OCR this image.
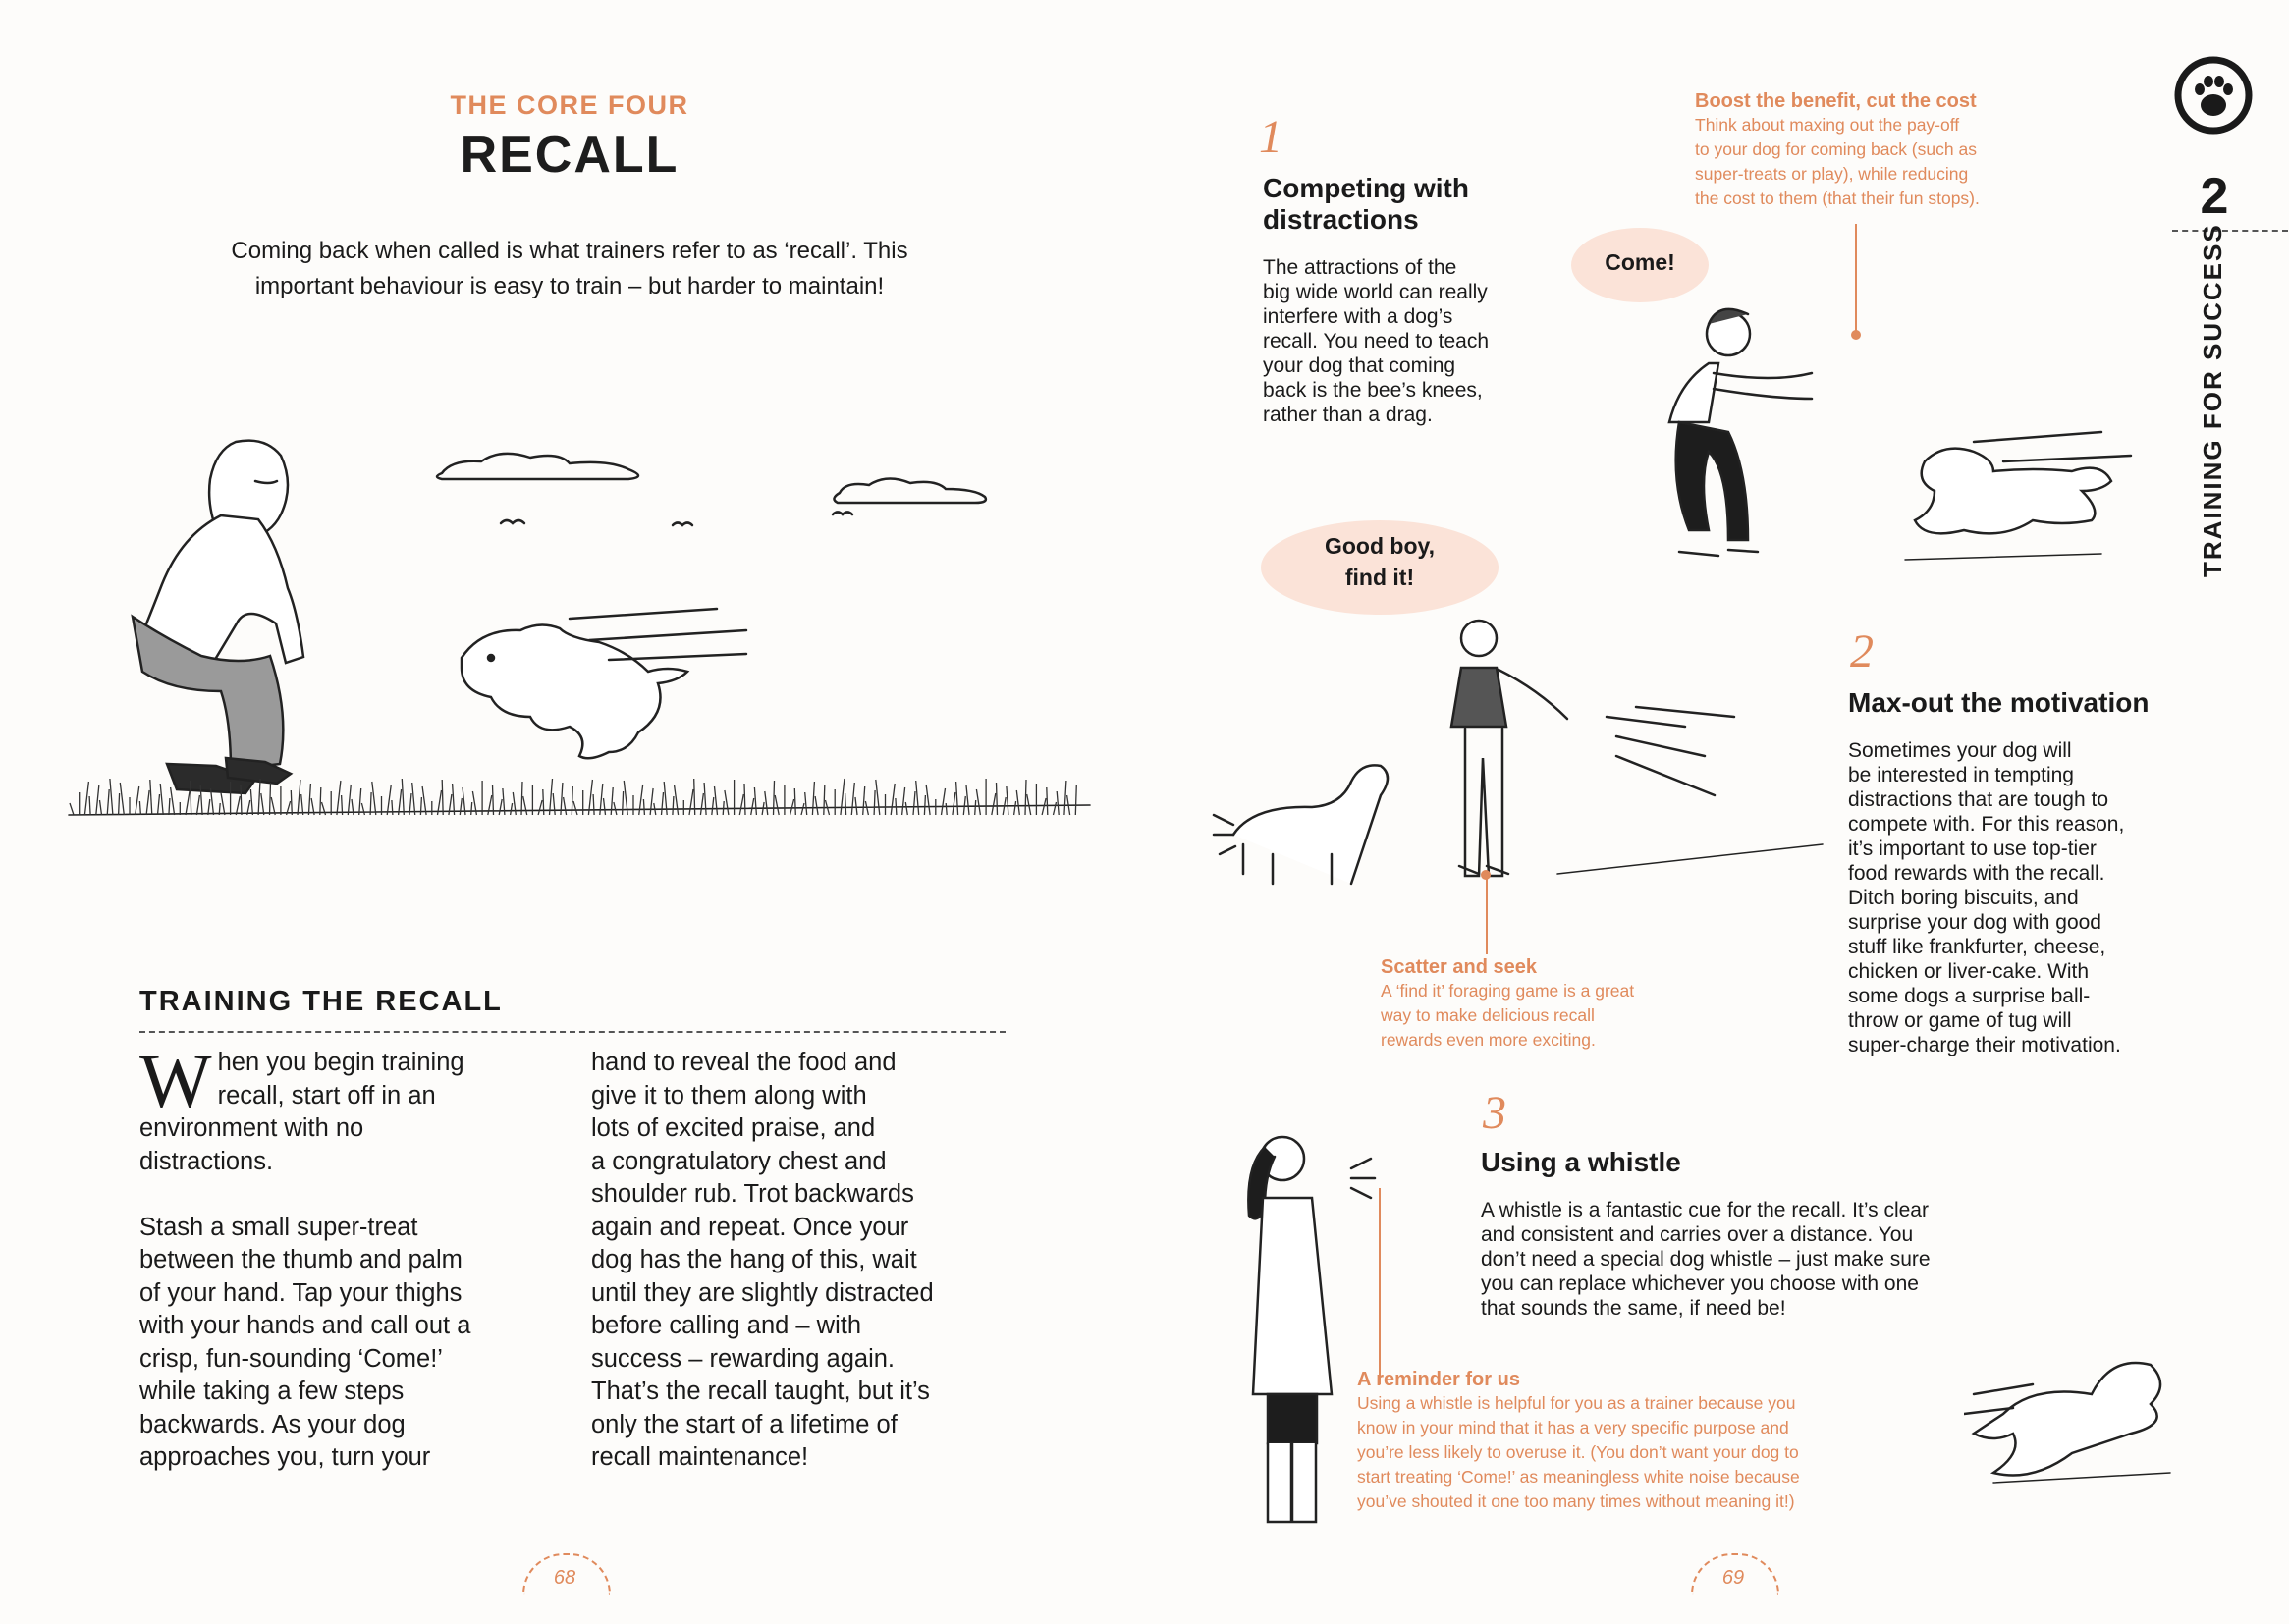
THE CORE FOUR
RECALL
Coming back when called is what trainers refer to as ‘recall’. This
important behaviour is easy to train – but harder to maintain!
TRAINING THE RECALL
W hen you begin training
recall, start off in an
environment with no
distractions.
Stash a small super-treat
between the thumb and palm
of your hand. Tap your thighs
with your hands and call out a
crisp, fun-sounding ‘Come!’
while taking a few steps
backwards. As your dog
approaches you, turn your
hand to reveal the food and
give it to them along with
lots of excited praise, and
a congratulatory chest and
shoulder rub. Trot backwards
again and repeat. Once your
dog has the hang of this, wait
until they are slightly distracted
before calling and – with
success – rewarding again.
That’s the recall taught, but it’s
only the start of a lifetime of
recall maintenance!
68
2
TRAINING FOR SUCCESS
1
Competing with
distractions
The attractions of the
big wide world can really
interfere with a dog’s
recall. You need to teach
your dog that coming
back is the bee’s knees,
rather than a drag.
Boost the benefit, cut the cost
Think about maxing out the pay-off
to your dog for coming back (such as
super-treats or play), while reducing
the cost to them (that their fun stops).
Come!
Good boy,
find it!
2
Max-out the motivation
Sometimes your dog will
be interested in tempting
distractions that are tough to
compete with. For this reason,
it’s important to use top-tier
food rewards with the recall.
Ditch boring biscuits, and
surprise your dog with good
stuff like frankfurter, cheese,
chicken or liver-cake. With
some dogs a surprise ball-
throw or game of tug will
super-charge their motivation.
Scatter and seek
A ‘find it’ foraging game is a great
way to make delicious recall
rewards even more exciting.
3
Using a whistle
A whistle is a fantastic cue for the recall. It’s clear
and consistent and carries over a distance. You
don’t need a special dog whistle – just make sure
you can replace whichever you choose with one
that sounds the same, if need be!
A reminder for us
Using a whistle is helpful for you as a trainer because you
know in your mind that it has a very specific purpose and
you’re less likely to overuse it. (You don’t want your dog to
start treating ‘Come!’ as meaningless white noise because
you’ve shouted it one too many times without meaning it!)
69
